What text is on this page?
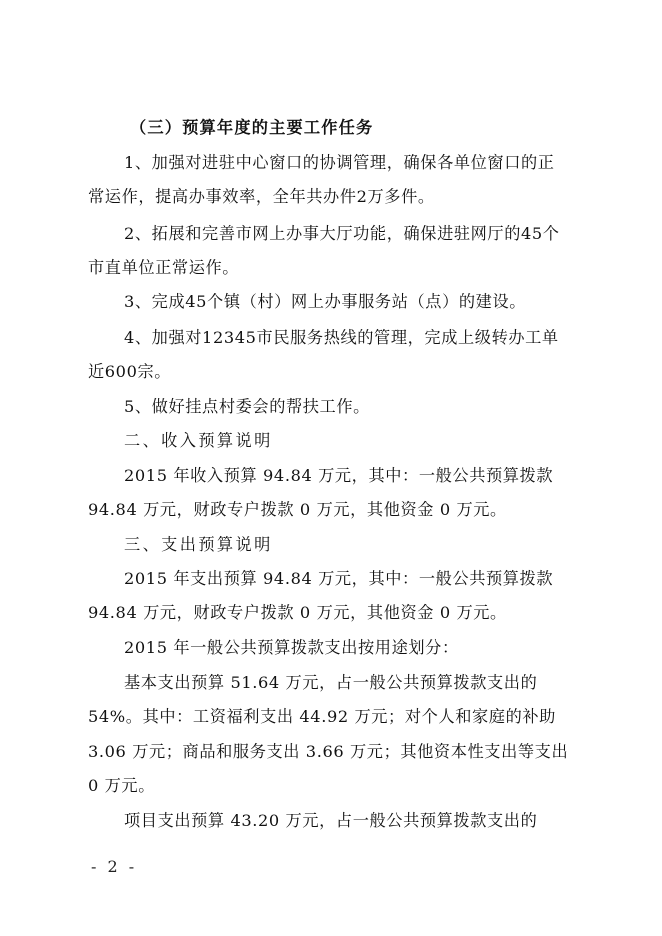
（三）预算年度的主要工作任务
1、加强对进驻中心窗口的协调管理，确保各单位窗口的正
常运作，提高办事效率，全年共办件2万多件。
2、拓展和完善市网上办事大厅功能，确保进驻网厅的45个
市直单位正常运作。
3、完成45个镇（村）网上办事服务站（点）的建设。
4、加强对12345市民服务热线的管理，完成上级转办工单
近600宗。
5、做好挂点村委会的帮扶工作。
二、收入预算说明
2015 年收入预算 94.84 万元，其中：一般公共预算拨款
94.84 万元，财政专户拨款 0 万元，其他资金 0 万元。
三、支出预算说明
2015 年支出预算 94.84 万元，其中：一般公共预算拨款
94.84 万元，财政专户拨款 0 万元，其他资金 0 万元。
2015 年一般公共预算拨款支出按用途划分：
基本支出预算 51.64 万元，占一般公共预算拨款支出的
54%。其中：工资福利支出 44.92 万元；对个人和家庭的补助
3.06 万元；商品和服务支出 3.66 万元；其他资本性支出等支出
0 万元。
项目支出预算 43.20 万元，占一般公共预算拨款支出的
- 2 -
